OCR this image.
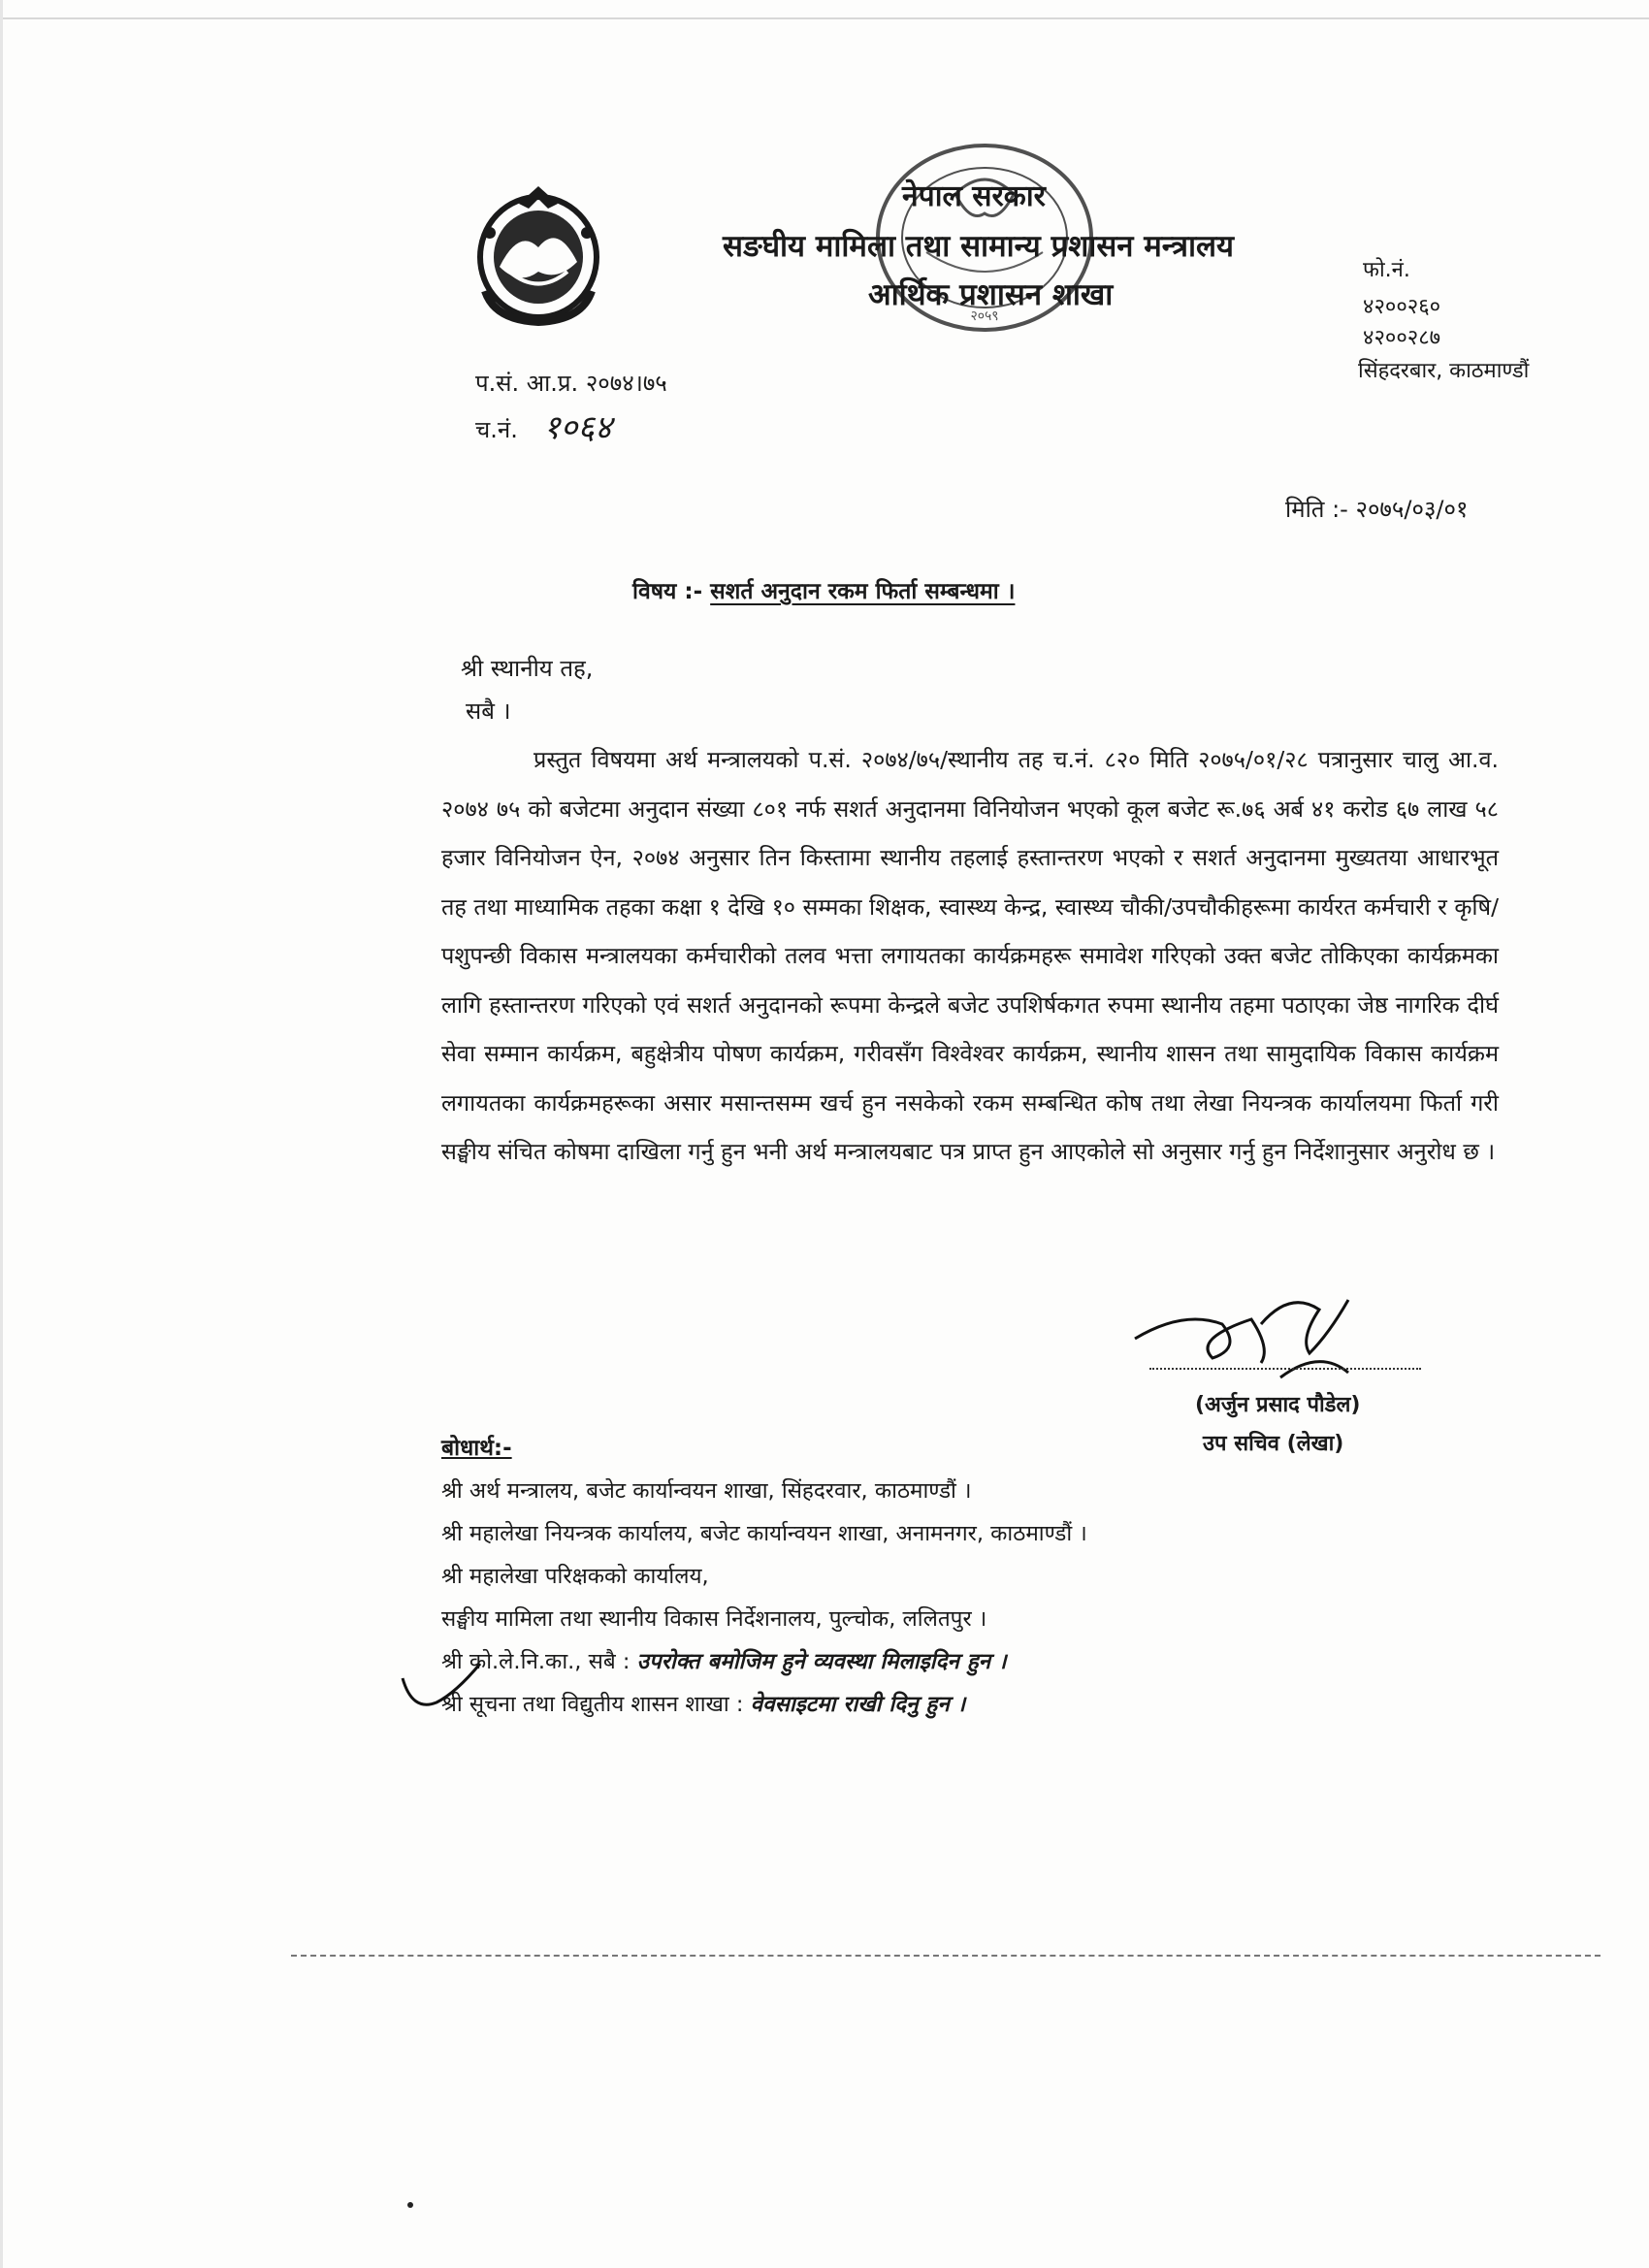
२०५९
नेपाल सरकार
सङघीय मामिला तथा सामान्य प्रशासन मन्त्रालय
आर्थिक प्रशासन शाखा
फो.नं.
४२००२६०
४२००२८७
सिंहदरबार, काठमाण्डौं
प.सं. आ.प्र. २०७४।७५
च.नं. १०६४
मिति :- २०७५/०३/०१
विषय :- सशर्त अनुदान रकम फिर्ता सम्बन्धमा ।
श्री स्थानीय तह,
सबै ।

प्रस्तुत विषयमा अर्थ मन्त्रालयको प.सं. २०७४/७५/स्थानीय तह च.नं. ८२० मिति २०७५/०१/२८ पत्रानुसार चालु आ.व. २०७४ ७५ को बजेटमा अनुदान संख्या ८०१ नर्फ सशर्त अनुदानमा विनियोजन भएको कूल बजेट रू.७६ अर्ब ४१ करोड ६७ लाख ५८ हजार विनियोजन ऐन, २०७४ अनुसार तिन किस्तामा स्थानीय तहलाई हस्तान्तरण भएको र सशर्त अनुदानमा मुख्यतया आधारभूत तह तथा माध्यामिक तहका कक्षा १ देखि १० सम्मका शिक्षक, स्वास्थ्य केन्द्र, स्वास्थ्य चौकी/उपचौकीहरूमा कार्यरत कर्मचारी र कृषि/पशुपन्छी विकास मन्त्रालयका कर्मचारीको तलव भत्ता लगायतका कार्यक्रमहरू समावेश गरिएको उक्त बजेट तोकिएका कार्यक्रमका लागि हस्तान्तरण गरिएको एवं सशर्त अनुदानको रूपमा केन्द्रले बजेट उपशिर्षकगत रुपमा स्थानीय तहमा पठाएका जेष्ठ नागरिक दीर्घ सेवा सम्मान कार्यक्रम, बहुक्षेत्रीय पोषण कार्यक्रम, गरीवसँग विश्वेश्वर कार्यक्रम, स्थानीय शासन तथा सामुदायिक विकास कार्यक्रम लगायतका कार्यक्रमहरूका असार मसान्तसम्म खर्च हुन नसकेको रकम सम्बन्धित कोष तथा लेखा नियन्त्रक कार्यालयमा फिर्ता गरी सङ्घीय संचित कोषमा दाखिला गर्नु हुन भनी अर्थ मन्त्रालयबाट पत्र प्राप्त हुन आएकोले सो अनुसार गर्नु हुन निर्देशानुसार अनुरोध छ ।

(अर्जुन प्रसाद पौडेल)
उप सचिव (लेखा)
बोधार्थ:-
श्री अर्थ मन्त्रालय, बजेट कार्यान्वयन शाखा, सिंहदरवार, काठमाण्डौं ।
श्री महालेखा नियन्त्रक कार्यालय, बजेट कार्यान्वयन शाखा, अनामनगर, काठमाण्डौं ।
श्री महालेखा परिक्षकको कार्यालय,
सङ्घीय मामिला तथा स्थानीय विकास निर्देशनालय, पुल्चोक, ललितपुर ।
श्री को.ले.नि.का., सबै : उपरोक्त बमोजिम हुने व्यवस्था मिलाइदिन हुन ।
श्री सूचना तथा विद्युतीय शासन शाखा : वेवसाइटमा राखी दिनु हुन ।
